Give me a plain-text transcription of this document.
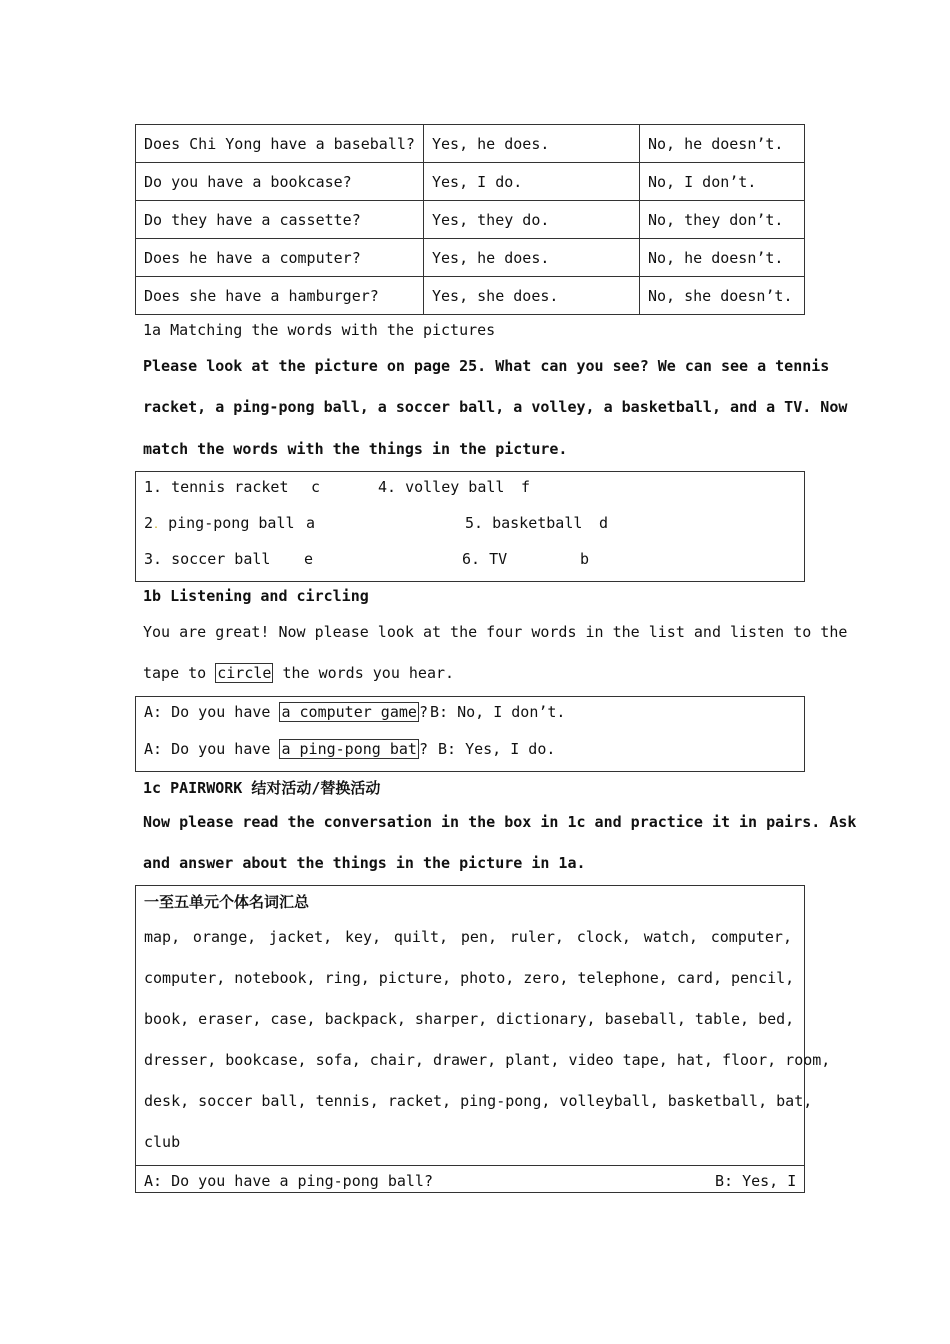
Does Chi Yong have a baseball?	Yes, he does.	No, he doesn’t.
Do you have a bookcase?	Yes, I do.	No, I don’t.
Do they have a cassette?	Yes, they do.	No, they don’t.
Does he have a computer?	Yes, he does.	No, he doesn’t.
Does she have a hamburger?	Yes, she does.	No, she doesn’t.
1a Matching the words with the pictures
Please look at the picture on page 25. What can you see? We can see a tennis
racket, a ping-pong ball, a soccer ball, a volley, a basketball, and a TV. Now
match the words with the things in the picture.
1. tennis racket c	4. volley ball f
2. ping-pong ball a	5. basketball d
3. soccer ball e	6. TV	b
1b Listening and circling
You are great! Now please look at the four words in the list and listen to the
tape to circle the words you hear.
A: Do you have a computer game ? B: No, I don’t.
A: Do you have a ping-pong bat ? B: Yes, I do.
1c PAIRWORK 结对活动/替换活动
Now please read the conversation in the box in 1c and practice it in pairs. Ask
and answer about the things in the picture in 1a.
一至五单元个体名词汇总
map, orange, jacket, key, quilt, pen, ruler, clock, watch, computer,
computer, notebook, ring, picture, photo, zero, telephone, card, pencil,
book, eraser, case, backpack, sharper, dictionary, baseball, table, bed,
dresser, bookcase, sofa, chair, drawer, plant, video tape, hat, floor, room,
desk, soccer ball, tennis, racket, ping-pong, volleyball, basketball, bat,
club
A: Do you have a ping-pong ball?	B: Yes, I
